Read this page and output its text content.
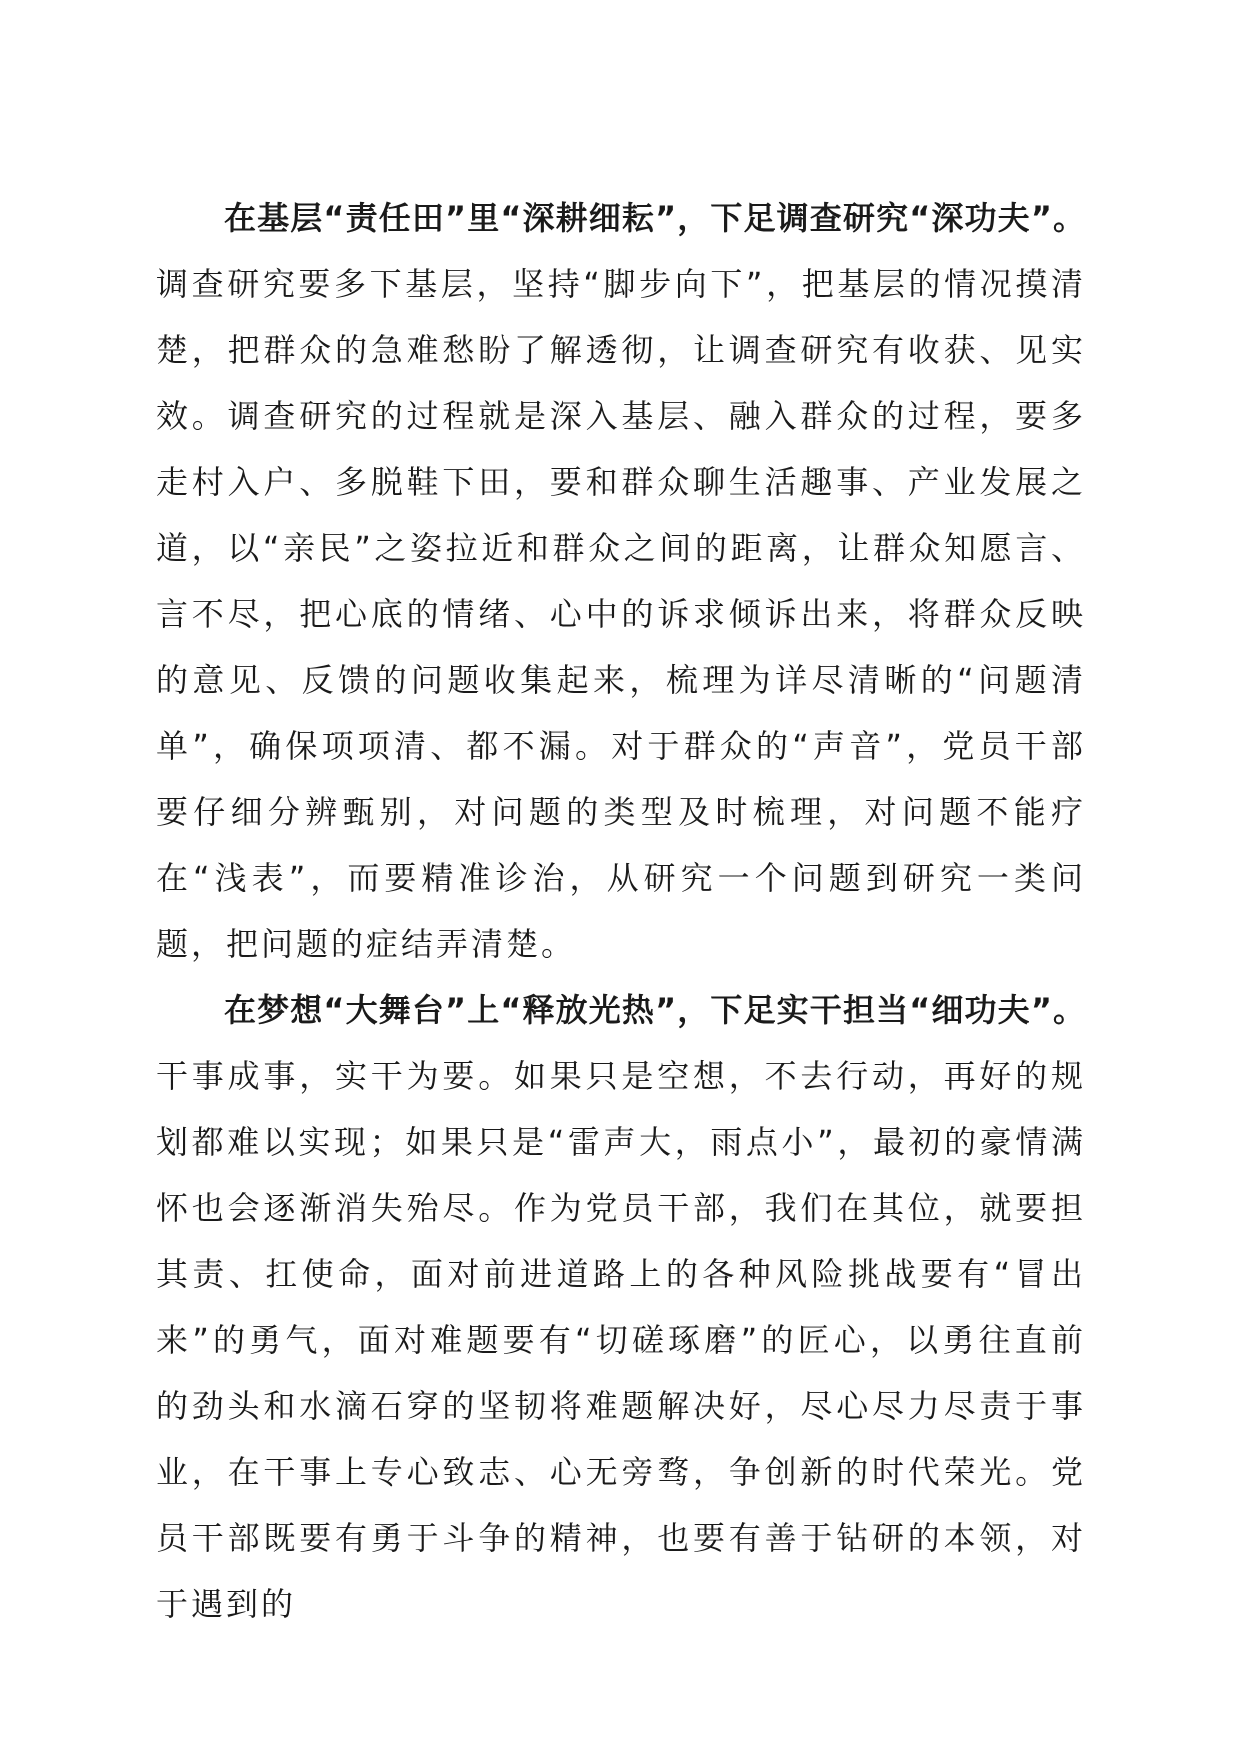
在基层“责任田”里“深耕细耘”，下足调查研究“深功夫”。调查研究要多下基层，坚持“脚步向下”，把基层的情况摸清楚，把群众的急难愁盼了解透彻，让调查研究有收获、见实效。调查研究的过程就是深入基层、融入群众的过程，要多走村入户、多脱鞋下田，要和群众聊生活趣事、产业发展之道，以“亲民”之姿拉近和群众之间的距离，让群众知愿言、言不尽，把心底的情绪、心中的诉求倾诉出来，将群众反映的意见、反馈的问题收集起来，梳理为详尽清晰的“问题清单”，确保项项清、都不漏。对于群众的“声音”，党员干部要仔细分辨甄别，对问题的类型及时梳理，对问题不能疗在“浅表”，而要精准诊治，从研究一个问题到研究一类问题，把问题的症结弄清楚。

在梦想“大舞台”上“释放光热”，下足实干担当“细功夫”。干事成事，实干为要。如果只是空想，不去行动，再好的规划都难以实现；如果只是“雷声大，雨点小”，最初的豪情满怀也会逐渐消失殆尽。作为党员干部，我们在其位，就要担其责、扛使命，面对前进道路上的各种风险挑战要有“冒出来”的勇气，面对难题要有“切磋琢磨”的匠心，以勇往直前的劲头和水滴石穿的坚韧将难题解决好，尽心尽力尽责于事业，在干事上专心致志、心无旁骛，争创新的时代荣光。党员干部既要有勇于斗争的精神，也要有善于钻研的本领，对于遇到的
